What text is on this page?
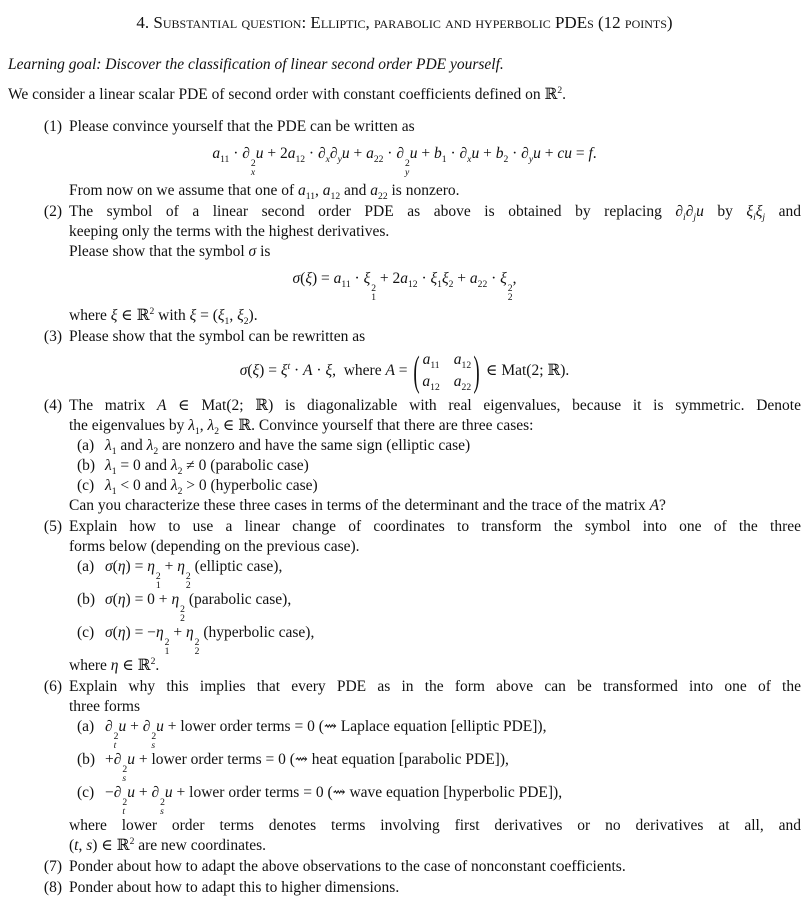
4. Substantial question: Elliptic, parabolic and hyperbolic PDEs (12 points)
Learning goal: Discover the classification of linear second order PDE yourself.
We consider a linear scalar PDE of second order with constant coefficients defined on ℝ$^2$.
(1) Please convince yourself that the PDE can be written as
$a_{11}$ · ∂
2
x
$u + 2a_{12} \cdot \partial_x\partial_yu + a_{22}$ · ∂
2
y
$u + b_1 \cdot \partial_xu + b_2 \cdot \partial_yu$ + cu = f.
From now on we assume that one of $a_{11}$, $a_{12}$ and $a_{22}$ is nonzero.
(2) The symbol of a linear second order PDE as above is obtained by replacing $\partial_i\partial_ju$ by $\xi_i\xi_j$ and
keeping only the terms with the highest derivatives.
Please show that the symbol σ is
$\sigma(\xi) = a_{11} \cdot \xi$
2
1
+ $2a_{12} \cdot \xi_1\xi_2 + a_{22} \cdot \xi$
2
2
,
where ξ ∈ ℝ$^2$ with $\xi = (\xi_1$, $\xi_2$).
(3) Please show that the symbol can be rewritten as
$\sigma(\xi) = \xi^t \cdot A \cdot \xi$,  where A = ( $a_{11}$ $a_{12}$
$a_{12}$ $a_{22}$ ) ∈ Mat(2; ℝ).
(4) The matrix A ∈ Mat(2; ℝ) is diagonalizable with real eigenvalues, because it is symmetric. Denote
the eigenvalues by $\lambda_1$, $\lambda_2$ ∈ ℝ. Convince yourself that there are three cases:
(a) $\lambda_1$ and $\lambda_2$ are nonzero and have the same sign (elliptic case)
(b) $\lambda_1 = 0$ and $\lambda_2 \ne 0$ (parabolic case)
(c) $\lambda_1 < 0$ and $\lambda_2 > 0$ (hyperbolic case)
Can you characterize these three cases in terms of the determinant and the trace of the matrix A?
(5) Explain how to use a linear change of coordinates to transform the symbol into one of the three
forms below (depending on the previous case).
(a) σ(η) = η
2
1
+ η
2
2
(elliptic case),
(b) σ(η) = 0 + η
2
2
(parabolic case),
(c) σ(η) = −η
2
1
+ η
2
2
(hyperbolic case),
where η ∈ ℝ$^2$.
(6) Explain why this implies that every PDE as in the form above can be transformed into one of the
three forms
(a) ∂
2
t
u + ∂
2
s
u + lower order terms = 0 (⇝ Laplace equation [elliptic PDE]),
(b) +∂
2
s
u + lower order terms = 0 (⇝ heat equation [parabolic PDE]),
(c) −∂
2
t
u + ∂
2
s
u + lower order terms = 0 (⇝ wave equation [hyperbolic PDE]),
where lower order terms denotes terms involving first derivatives or no derivatives at all, and
(t, s) ∈ ℝ$^2$ are new coordinates.
(7) Ponder about how to adapt the above observations to the case of nonconstant coefficients.
(8) Ponder about how to adapt this to higher dimensions.
